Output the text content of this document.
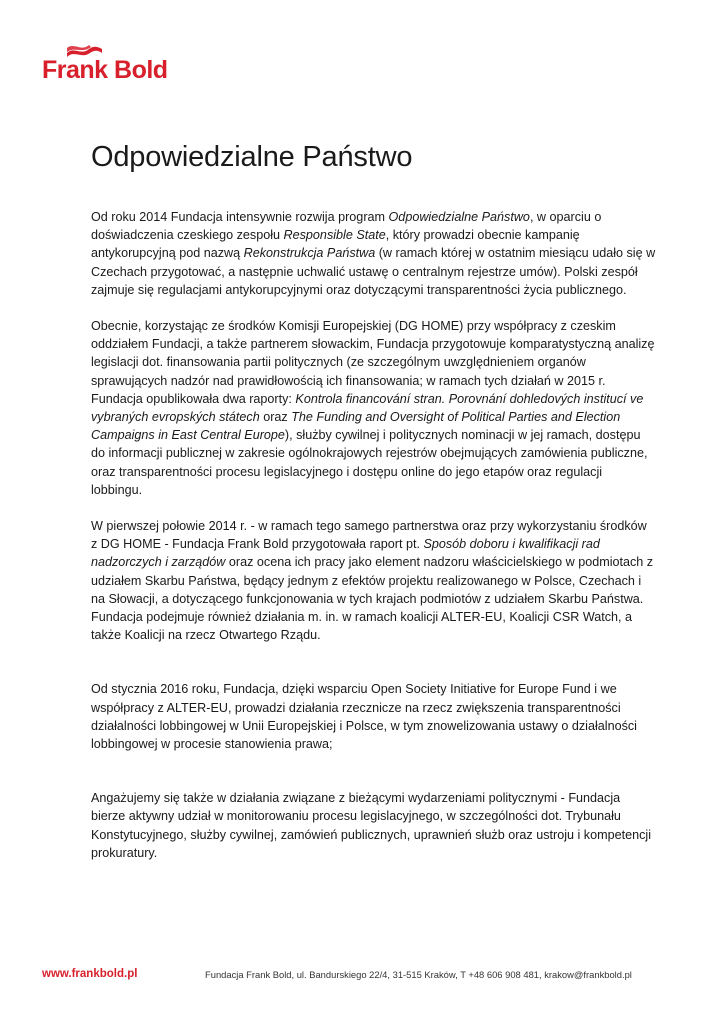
Frank Bold
Odpowiedzialne Państwo

Od roku 2014 Fundacja intensywnie rozwija program Odpowiedzialne Państwo, w oparciu o doświadczenia czeskiego zespołu Responsible State, który prowadzi obecnie kampanię antykorupcyjną pod nazwą Rekonstrukcja Państwa (w ramach której w ostatnim miesiącu udało się w Czechach przygotować, a następnie uchwalić ustawę o centralnym rejestrze umów). Polski zespół zajmuje się regulacjami antykorupcyjnymi oraz dotyczącymi transparentności życia publicznego.

Obecnie, korzystając ze środków Komisji Europejskiej (DG HOME) przy współpracy z czeskim oddziałem Fundacji, a także partnerem słowackim, Fundacja przygotowuje komparatystyczną analizę legislacji dot. finansowania partii politycznych (ze szczególnym uwzględnieniem organów sprawujących nadzór nad prawidłowością ich finansowania; w ramach tych działań w 2015 r. Fundacja opublikowała dwa raporty: Kontrola financování stran. Porovnání dohledových institucí ve vybraných evropských státech oraz The Funding and Oversight of Political Parties and Election Campaigns in East Central Europe), służby cywilnej i politycznych nominacji w jej ramach, dostępu do informacji publicznej w zakresie ogólnokrajowych rejestrów obejmujących zamówienia publiczne, oraz transparentności procesu legislacyjnego i dostępu online do jego etapów oraz regulacji lobbingu.

W pierwszej połowie 2014 r. - w ramach tego samego partnerstwa oraz przy wykorzystaniu środków z DG HOME - Fundacja Frank Bold przygotowała raport pt. Sposób doboru i kwalifikacji rad nadzorczych i zarządów oraz ocena ich pracy jako element nadzoru właścicielskiego w podmiotach z udziałem Skarbu Państwa, będący jednym z efektów projektu realizowanego w Polsce, Czechach i na Słowacji, a dotyczącego funkcjonowania w tych krajach podmiotów z udziałem Skarbu Państwa. Fundacja podejmuje również działania m. in. w ramach koalicji ALTER-EU, Koalicji CSR Watch, a także Koalicji na rzecz Otwartego Rządu.

Od stycznia 2016 roku, Fundacja, dzięki wsparciu Open Society Initiative for Europe Fund i we współpracy z ALTER-EU, prowadzi działania rzecznicze na rzecz zwiększenia transparentności działalności lobbingowej w Unii Europejskiej i Polsce, w tym znowelizowania ustawy o działalności lobbingowej w procesie stanowienia prawa;

Angażujemy się także w działania związane z bieżącymi wydarzeniami politycznymi - Fundacja bierze aktywny udział w monitorowaniu procesu legislacyjnego, w szczególności dot. Trybunału Konstytucyjnego, służby cywilnej, zamówień publicznych, uprawnień służb oraz ustroju i kompetencji prokuratury.

www.frankbold.pl	Fundacja Frank Bold, ul. Bandurskiego 22/4, 31-515 Kraków, T +48 606 908 481, krakow@frankbold.pl
